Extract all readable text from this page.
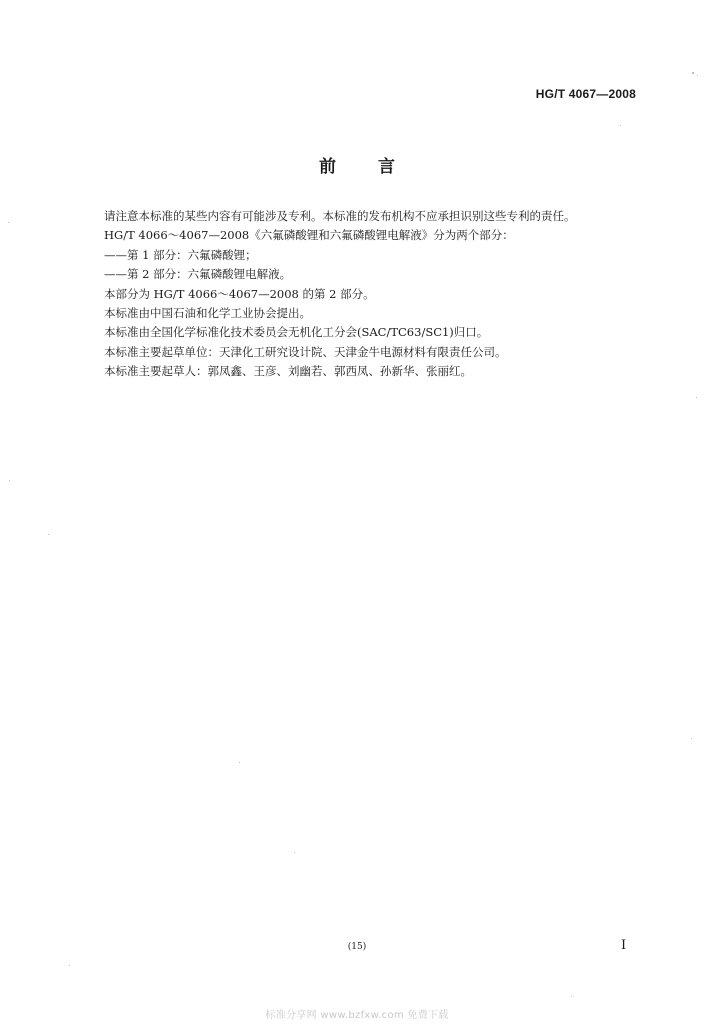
HG/T 4067—2008
前 言

请注意本标准的某些内容有可能涉及专利。本标准的发布机构不应承担识别这些专利的责任。

HG/T 4066～4067—2008《六氟磷酸锂和六氟磷酸锂电解液》分为两个部分：

——第 1 部分：六氟磷酸锂；

——第 2 部分：六氟磷酸锂电解液。

本部分为 HG/T 4066～4067—2008 的第 2 部分。

本标准由中国石油和化学工业协会提出。

本标准由全国化学标准化技术委员会无机化工分会(SAC/TC63/SC1)归口。

本标准主要起草单位：天津化工研究设计院、天津金牛电源材料有限责任公司。

本标准主要起草人：郭凤鑫、王彦、刘幽若、郭西凤、孙新华、张丽红。

(15)	I
标准分享网 www.bzfxw.com 免费下载
